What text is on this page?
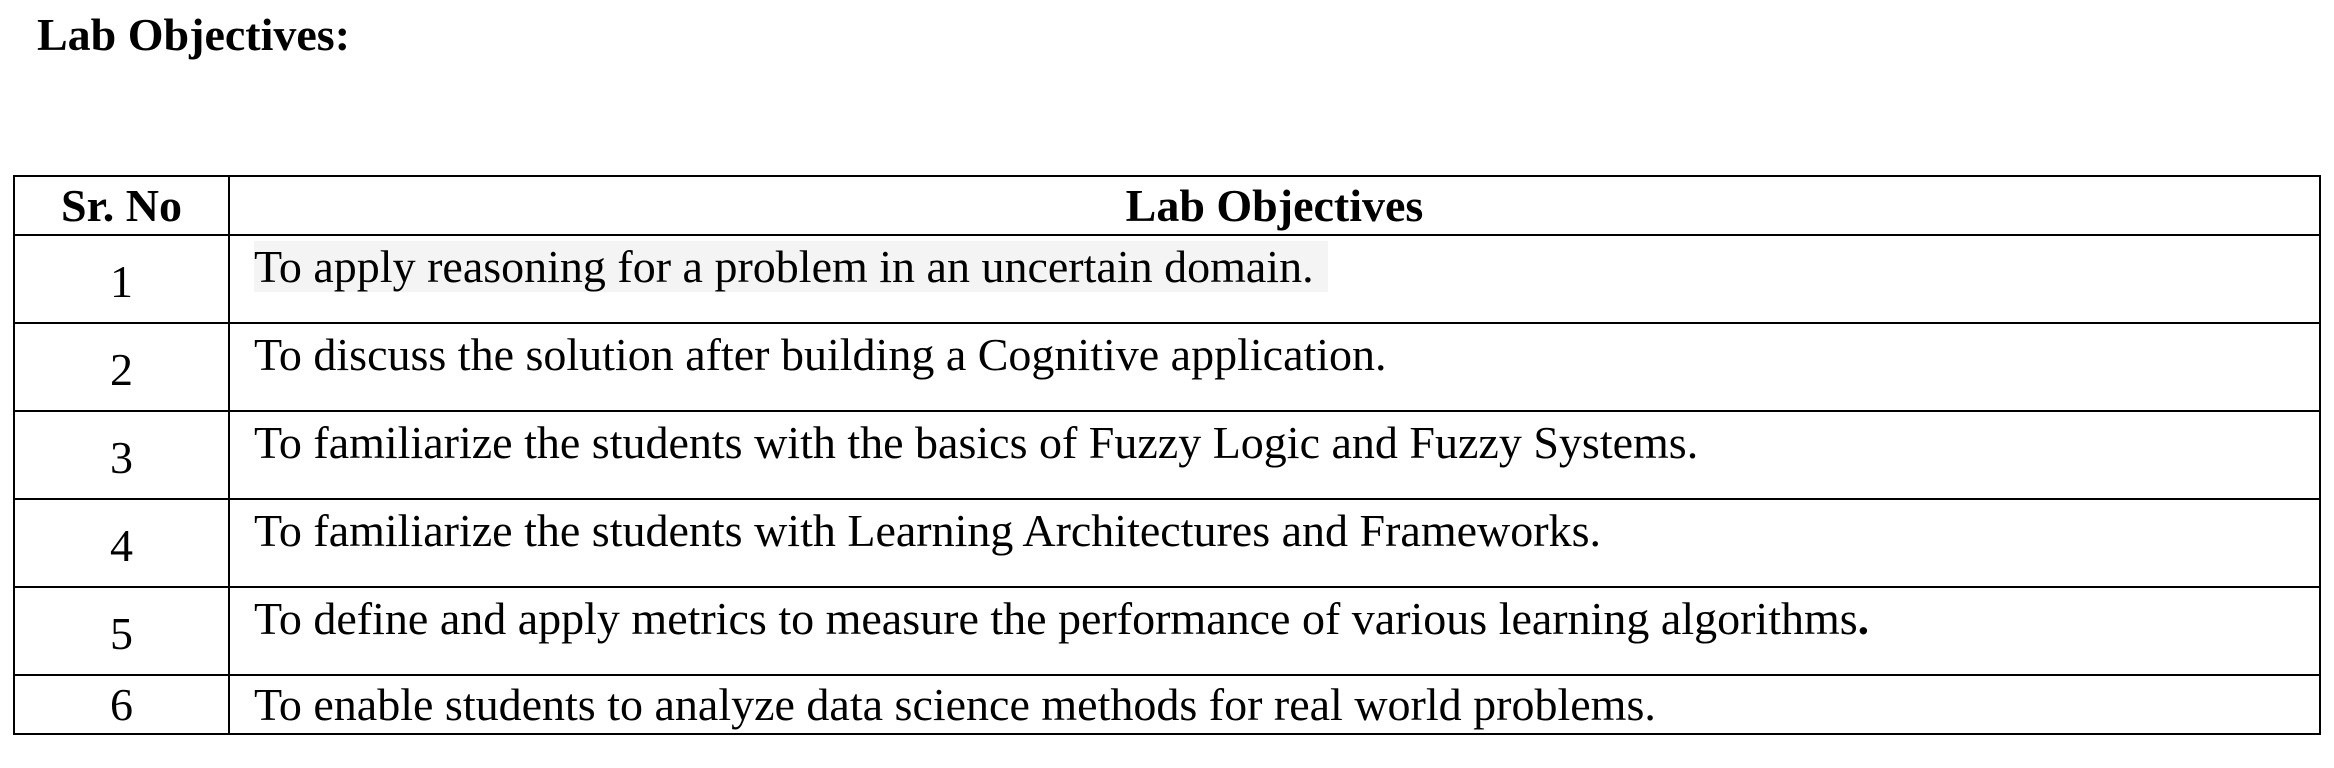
Lab Objectives:
Sr. No	Lab Objectives
1	To apply reasoning for a problem in an uncertain domain.
2	To discuss the solution after building a Cognitive application.
3	To familiarize the students with the basics of Fuzzy Logic and Fuzzy Systems.
4	To familiarize the students with Learning Architectures and Frameworks.
5	To define and apply metrics to measure the performance of various learning algorithms.
6	To enable students to analyze data science methods for real world problems.
